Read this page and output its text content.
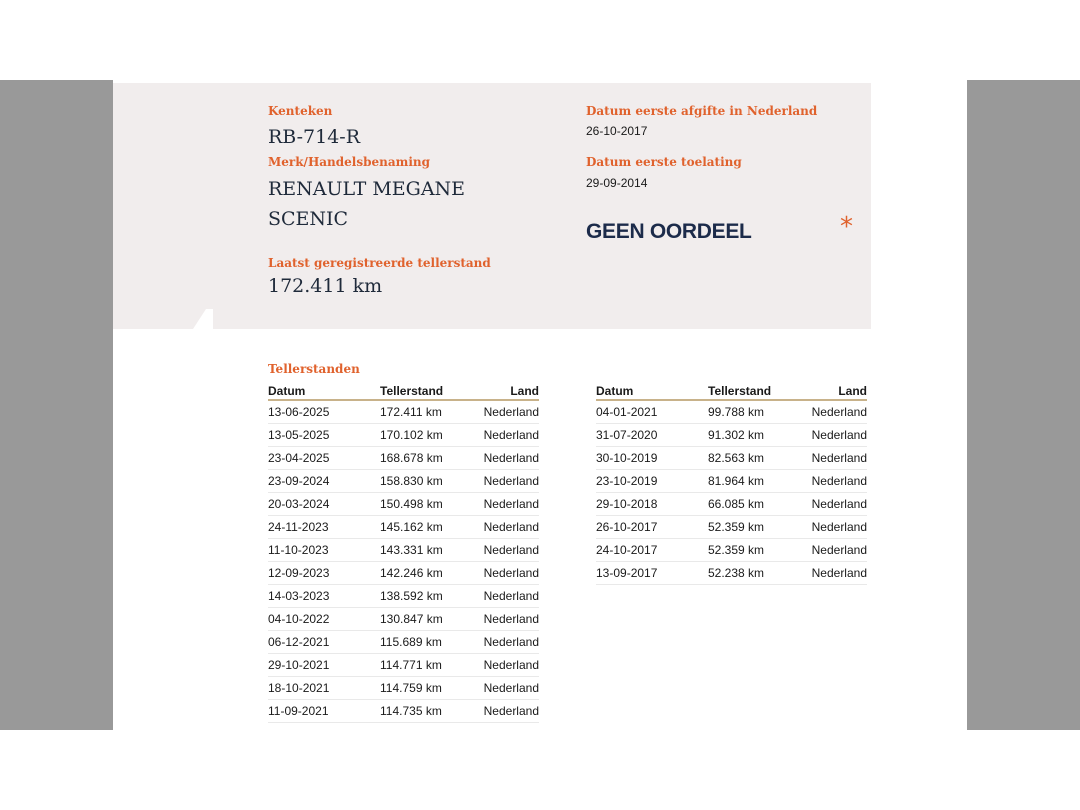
Kenteken
RB-714-R
Merk/Handelsbenaming
RENAULT MEGANE
SCENIC
Laatst geregistreerde tellerstand
172.411 km
Datum eerste afgifte in Nederland
26-10-2017
Datum eerste toelating
29-09-2014
GEEN OORDEEL	*
Tellerstanden
Datum	Tellerstand	Land
13-06-2025	172.411 km	Nederland
13-05-2025	170.102 km	Nederland
23-04-2025	168.678 km	Nederland
23-09-2024	158.830 km	Nederland
20-03-2024	150.498 km	Nederland
24-11-2023	145.162 km	Nederland
11-10-2023	143.331 km	Nederland
12-09-2023	142.246 km	Nederland
14-03-2023	138.592 km	Nederland
04-10-2022	130.847 km	Nederland
06-12-2021	115.689 km	Nederland
29-10-2021	114.771 km	Nederland
18-10-2021	114.759 km	Nederland
11-09-2021	114.735 km	Nederland
Datum	Tellerstand	Land
04-01-2021	99.788 km	Nederland
31-07-2020	91.302 km	Nederland
30-10-2019	82.563 km	Nederland
23-10-2019	81.964 km	Nederland
29-10-2018	66.085 km	Nederland
26-10-2017	52.359 km	Nederland
24-10-2017	52.359 km	Nederland
13-09-2017	52.238 km	Nederland
